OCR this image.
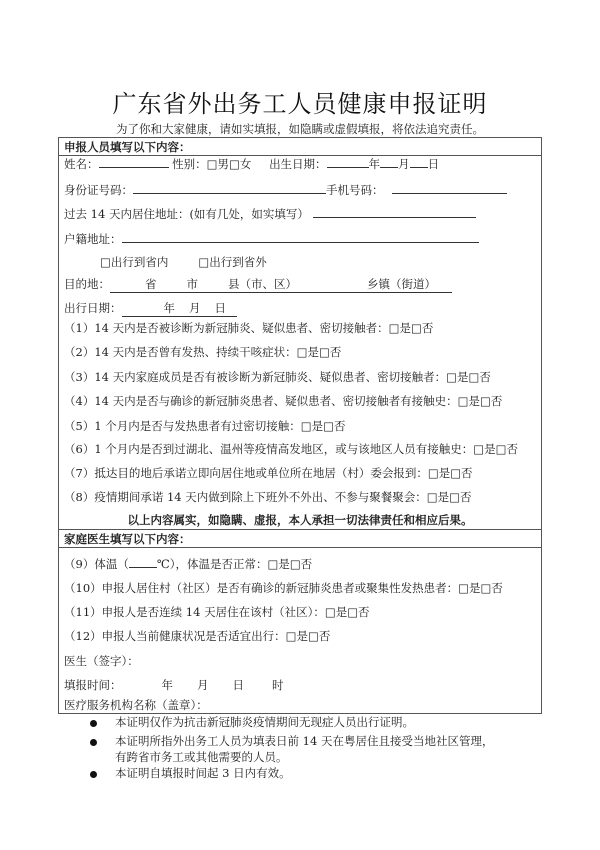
广东省外出务工人员健康申报证明
为了你和大家健康，请如实填报，如隐瞒或虚假填报，将依法追究责任。
申报人员填写以下内容：
姓名：	性别：□男□女 出生日期：	年 月 日
身份证号码：	手机号码：
过去 14 天内居住地址：(如有几处，如实填写）
户籍地址：
□出行到省内	□出行到省外
目的地：	省	市	县（市、区）	乡镇（街道）
出行日期：	年 月 日
（1）14 天内是否被诊断为新冠肺炎、疑似患者、密切接触者：□是□否
（2）14 天内是否曾有发热、持续干咳症状：□是□否
（3）14 天内家庭成员是否有被诊断为新冠肺炎、疑似患者、密切接触者：□是□否
（4）14 天内是否与确诊的新冠肺炎患者、疑似患者、密切接触者有接触史：□是□否
（5）1 个月内是否与发热患者有过密切接触：□是□否
（6）1 个月内是否到过湖北、温州等疫情高发地区，或与该地区人员有接触史：□是□否
（7）抵达目的地后承诺立即向居住地或单位所在地居（村）委会报到：□是□否
（8）疫情期间承诺 14 天内做到除上下班外不外出、不参与聚餐聚会：□是□否
以上内容属实，如隐瞒、虚报，本人承担一切法律责任和相应后果。
家庭医生填写以下内容：
（9）体温（ ℃），体温是否正常：□是□否
（10）申报人居住村（社区）是否有确诊的新冠肺炎患者或聚集性发热患者：□是□否
（11）申报人是否连续 14 天居住在该村（社区）：□是□否
（12）申报人当前健康状况是否适宜出行：□是□否
医生（签字）：
填报时间：	年 月 日 时
医疗服务机构名称（盖章）：
本证明仅作为抗击新冠肺炎疫情期间无现症人员出行证明。
本证明所指外出务工人员为填表日前 14 天在粤居住且接受当地社区管理，
有跨省市务工或其他需要的人员。
本证明自填报时间起 3 日内有效。
